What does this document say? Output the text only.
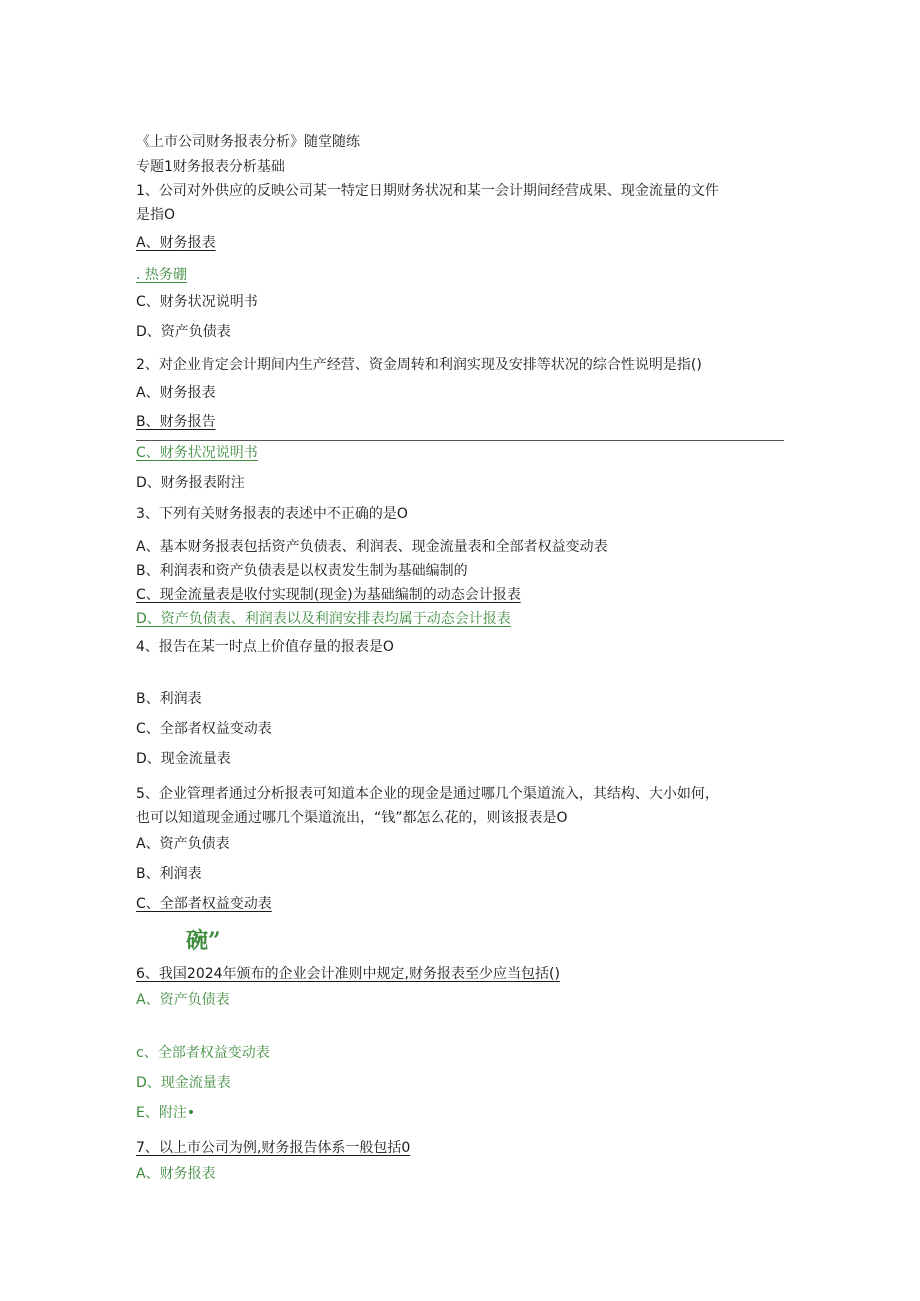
《上市公司财务报表分析》随堂随练
专题1财务报表分析基础
1、公司对外供应的反映公司某一特定日期财务状况和某一会计期间经营成果、现金流量的文件
是指O
A、财务报表
. 热务硼
C、财务状况说明书
D、资产负债表
2、对企业肯定会计期间内生产经营、资金周转和利润实现及安排等状况的综合性说明是指()
A、财务报表
B、财务报告
C、财务状况说明书
D、财务报表附注
3、下列有关财务报表的表述中不正确的是O
A、基本财务报表包括资产负债表、利润表、现金流量表和全部者权益变动表
B、利润表和资产负债表是以权责发生制为基础编制的
C、现金流量表是收付实现制(现金)为基础编制的动态会计报表
D、资产负债表、利润表以及利润安排表均属于动态会计报表
4、报告在某一时点上价值存量的报表是O
B、利润表
C、全部者权益变动表
D、现金流量表
5、企业管理者通过分析报表可知道本企业的现金是通过哪几个渠道流入，其结构、大小如何，
也可以知道现金通过哪几个渠道流出，“钱”都怎么花的，则该报表是O
A、资产负债表
B、利润表
C、全部者权益变动表
碗”
6、我国2024年颁布的企业会计准则中规定,财务报表至少应当包括()
A、资产负债表
c、全部者权益变动表
D、现金流量表
E、附注•
7、以上市公司为例,财务报告体系一般包括0
A、财务报表
